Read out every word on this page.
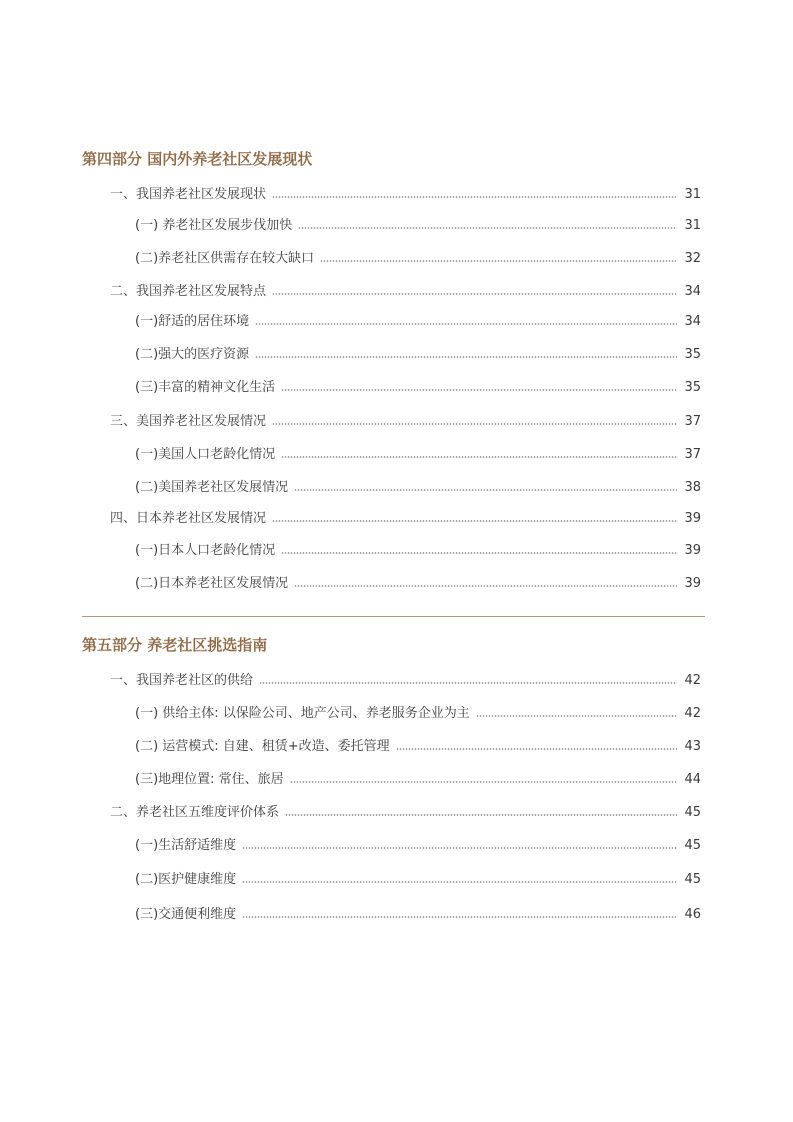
第四部分 国内外养老社区发展现状
一、我国养老社区发展现状	31
(一) 养老社区发展步伐加快	31
(二)养老社区供需存在较大缺口	32
二、我国养老社区发展特点	34
(一)舒适的居住环境	34
(二)强大的医疗资源	35
(三)丰富的精神文化生活	35
三、美国养老社区发展情况	37
(一)美国人口老龄化情况	37
(二)美国养老社区发展情况	38
四、日本养老社区发展情况	39
(一)日本人口老龄化情况	39
(二)日本养老社区发展情况	39
第五部分 养老社区挑选指南
一、我国养老社区的供给	42
(一) 供给主体: 以保险公司、地产公司、养老服务企业为主	42
(二) 运营模式: 自建、租赁+改造、委托管理	43
(三)地理位置: 常住、旅居	44
二、养老社区五维度评价体系	45
(一)生活舒适维度	45
(二)医护健康维度	45
(三)交通便利维度	46
